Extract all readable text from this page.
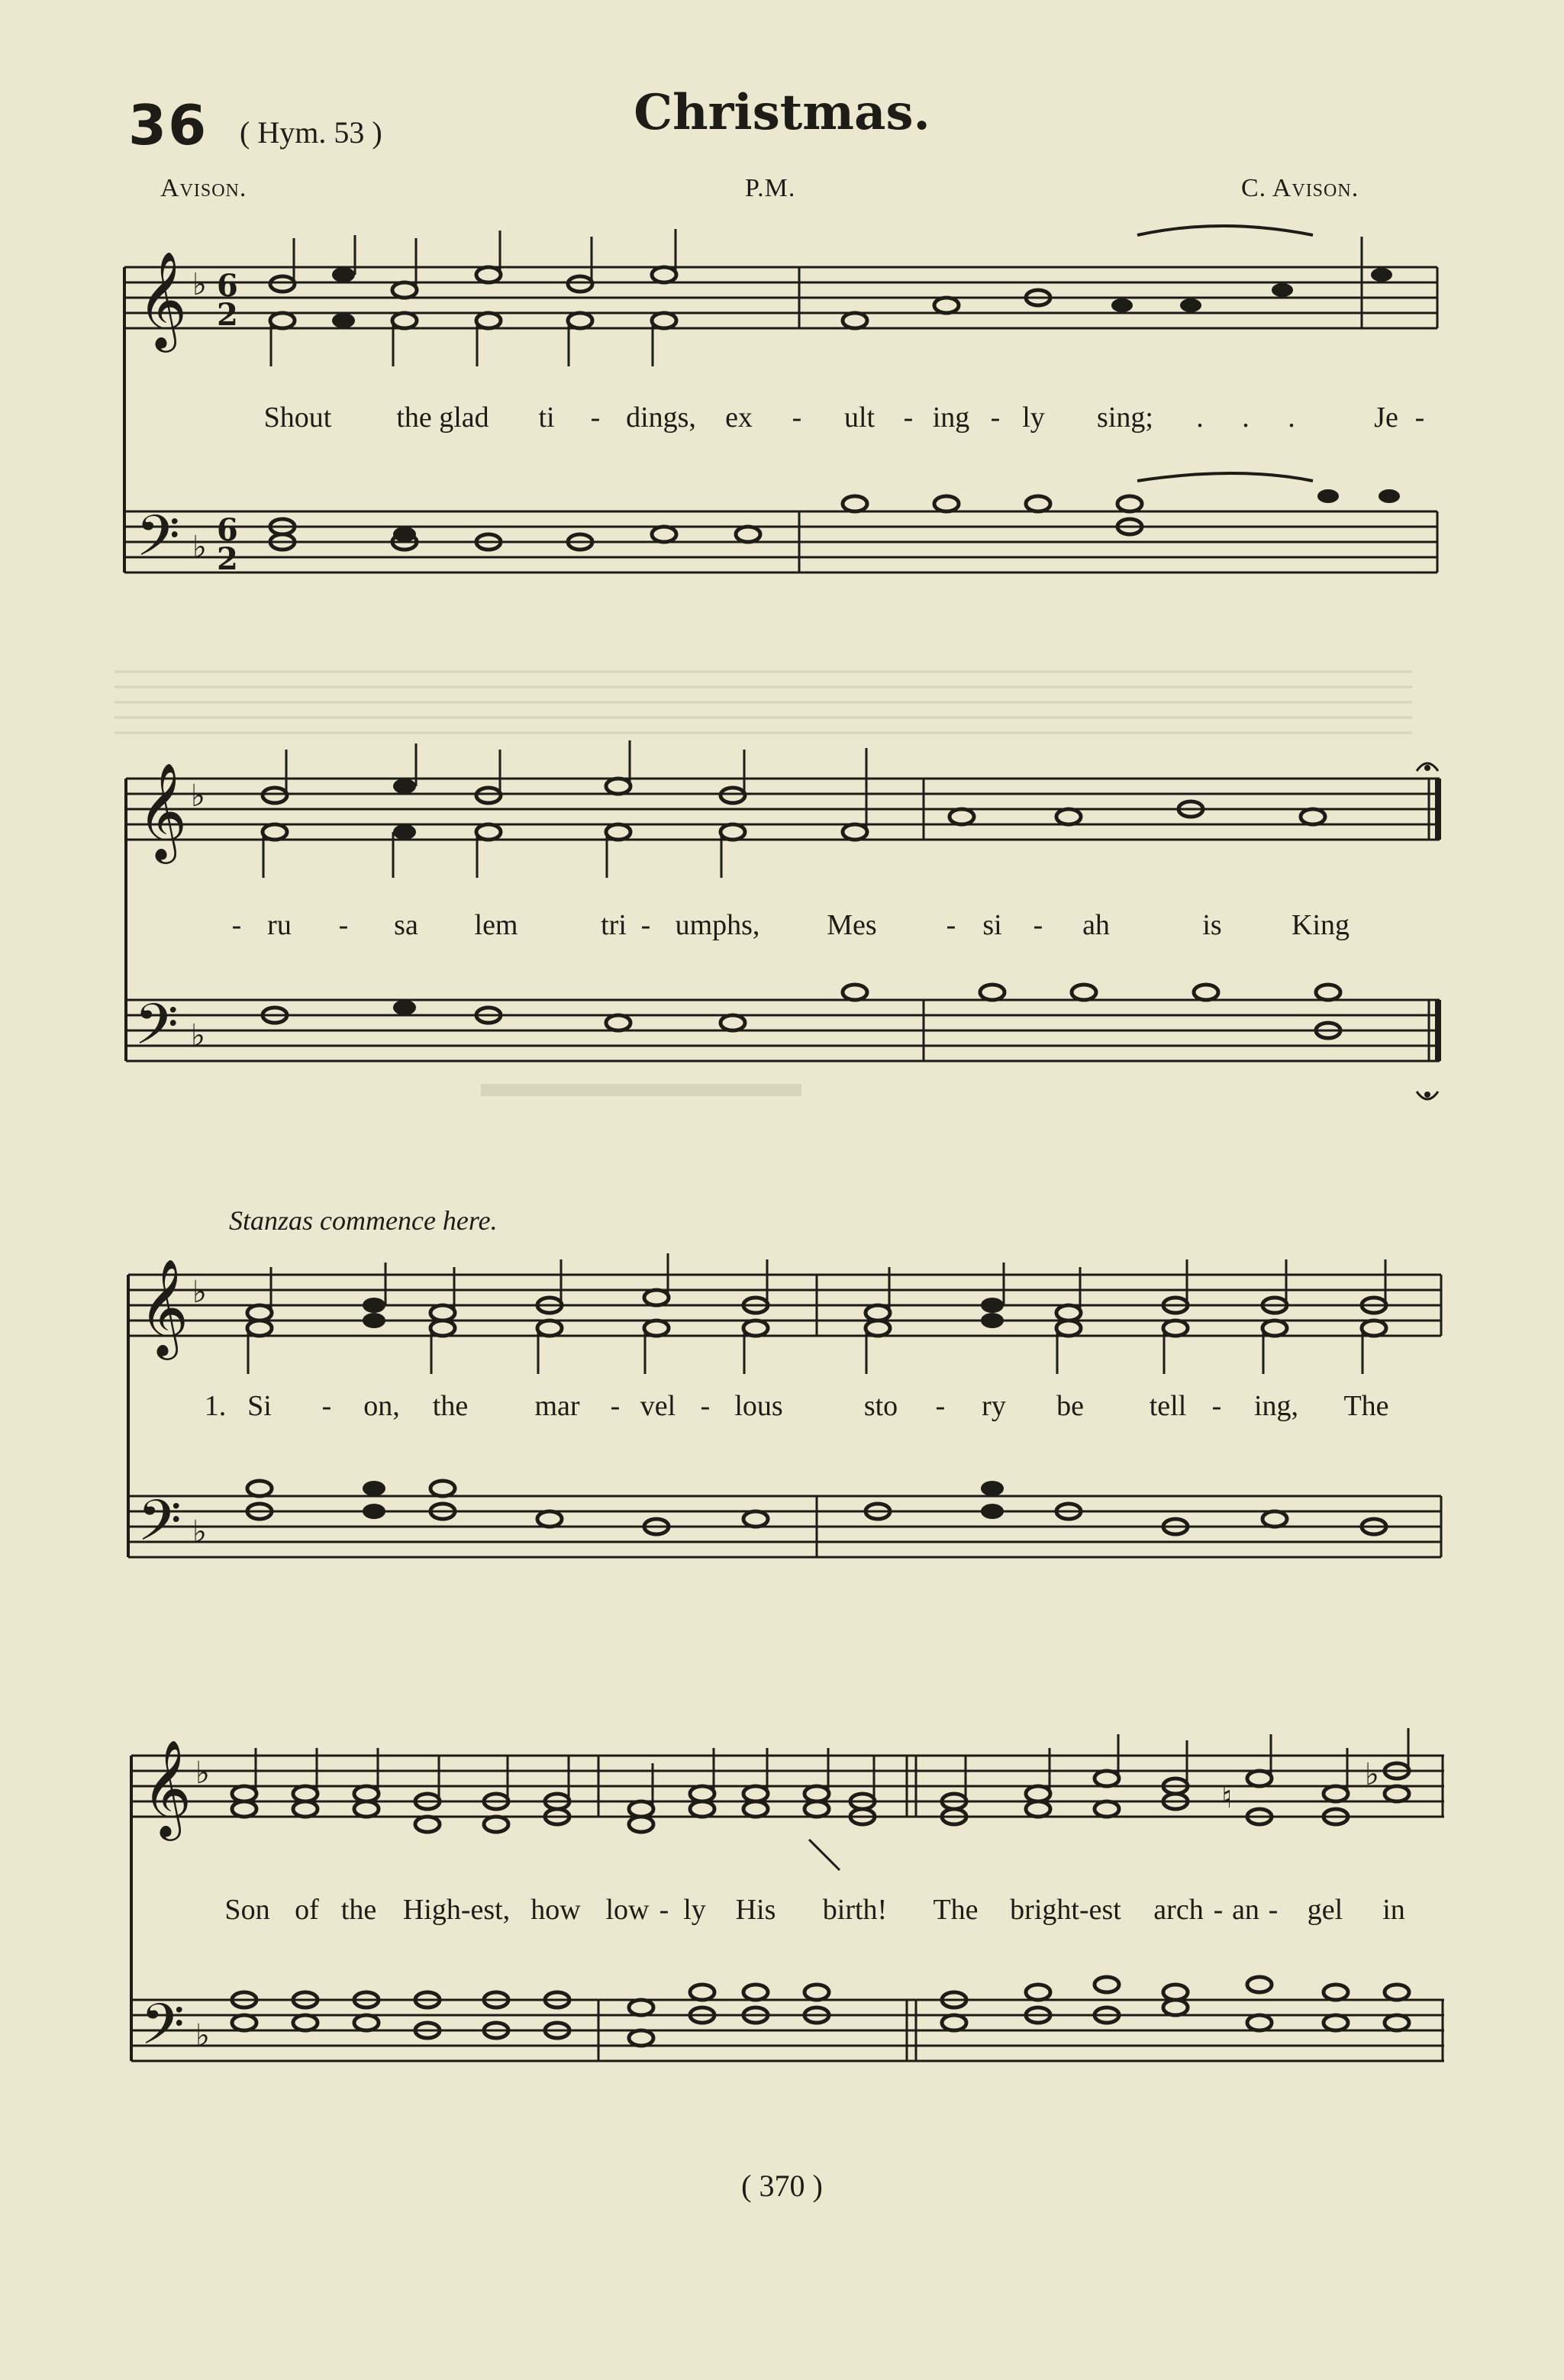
36 ( Hym. 53 )	Christmas.
Avison.	P.M.	C. Avison.
𝄞
𝄢
♭
♭
6
2
6
2
Shout the glad ti - dings, ex - ult - ing - ly sing; . . .	Je -
𝄞
𝄢
♭
♭
- ru - sa lem	tri - umphs, Mes - si - ah	is King
Stanzas commence here.
𝄞
𝄢
♭
♭
1. Si - on, the mar - vel - lous	sto - ry be tell - ing, The
𝄞
𝄢
♭
♭
♮
♭
Son of the High-est, how low - ly His birth! The bright-est arch - an - gel in
( 370 )
